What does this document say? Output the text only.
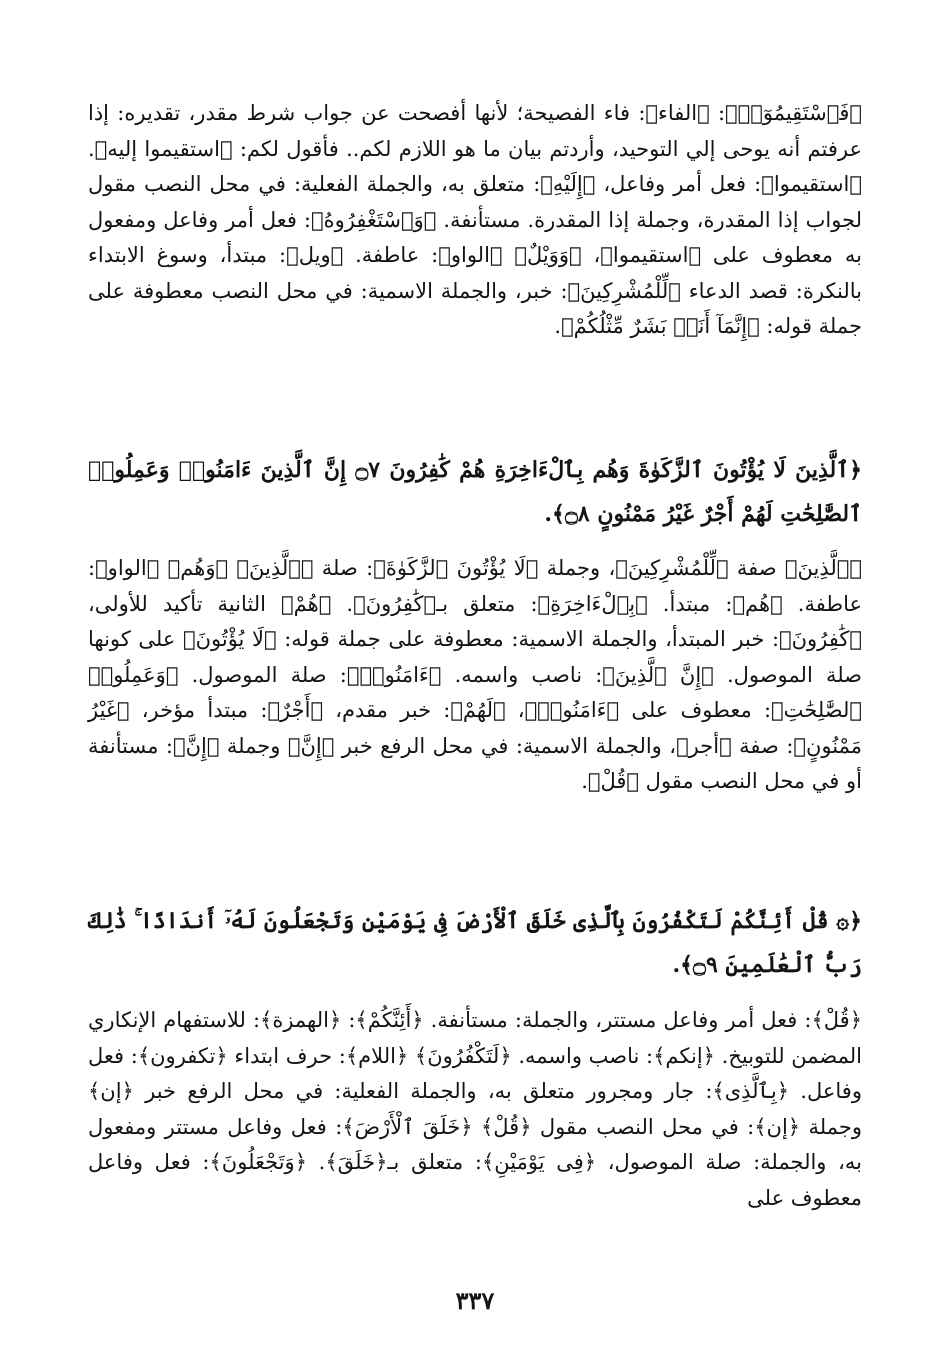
﴿فَٱسْتَقِيمُوٓا۟﴾: ﴿الفاء﴾: فاء الفصيحة؛ لأنها أفصحت عن جواب شرط مقدر، تقديره: إذا عرفتم أنه يوحى إلي التوحيد، وأردتم بيان ما هو اللازم لكم.. فأقول لكم: ﴿استقيموا إليه﴾. ﴿استقيموا﴾: فعل أمر وفاعل، ﴿إِلَيْهِ﴾: متعلق به، والجملة الفعلية: في محل النصب مقول لجواب إذا المقدرة، وجملة إذا المقدرة. مستأنفة. ﴿وَٱسْتَغْفِرُوهُ﴾: فعل أمر وفاعل ومفعول به معطوف على ﴿استقيموا﴾، ﴿وَوَيْلٌ﴾ ﴿الواو﴾: عاطفة. ﴿ويل﴾: مبتدأ، وسوغ الابتداء بالنكرة: قصد الدعاء ﴿لِّلْمُشْرِكِينَ﴾: خبر، والجملة الاسمية: في محل النصب معطوفة على جملة قوله: ﴿إِنَّمَآ أَنَا۠ بَشَرٌ مِّثْلُكُمْ﴾.

﴿ٱلَّذِينَ لَا يُؤْتُونَ ٱلزَّكَوٰةَ وَهُم بِٱلْءَاخِرَةِ هُمْ كَٰفِرُونَ ۝٧ إِنَّ ٱلَّذِينَ ءَامَنُوا۟ وَعَمِلُوا۟ ٱلصَّٰلِحَٰتِ لَهُمْ أَجْرٌ غَيْرُ مَمْنُونٍ ۝٨﴾.

﴿ٱلَّذِينَ﴾ صفة ﴿لِّلْمُشْرِكِينَ﴾، وجملة ﴿لَا يُؤْتُونَ ٱلزَّكَوٰةَ﴾: صلة ﴿ٱلَّذِينَ﴾ ﴿وَهُم﴾ ﴿الواو﴾: عاطفة. ﴿هُم﴾: مبتدأ. ﴿بِٱلْءَاخِرَةِ﴾: متعلق بـ﴿كَٰفِرُونَ﴾. ﴿هُمْ﴾ الثانية تأكيد للأولى، ﴿كَٰفِرُونَ﴾: خبر المبتدأ، والجملة الاسمية: معطوفة على جملة قوله: ﴿لَا يُؤْتُونَ﴾ على كونها صلة الموصول. ﴿إِنَّ ٱلَّذِينَ﴾: ناصب واسمه. ﴿ءَامَنُوا۟﴾: صلة الموصول. ﴿وَعَمِلُوا۟ ٱلصَّٰلِحَٰتِ﴾: معطوف على ﴿ءَامَنُوا۟﴾، ﴿لَهُمْ﴾: خبر مقدم، ﴿أَجْرٌ﴾: مبتدأ مؤخر، ﴿غَيْرُ مَمْنُونٍ﴾: صفة ﴿أجر﴾، والجملة الاسمية: في محل الرفع خبر ﴿إِنَّ﴾ وجملة ﴿إِنَّ﴾: مستأنفة أو في محل النصب مقول ﴿قُلْ﴾.

﴿۞ قُلْ أَئِنَّكُمْ لَتَكْفُرُونَ بِٱلَّذِى خَلَقَ ٱلْأَرْضَ فِى يَوْمَيْنِ وَتَجْعَلُونَ لَهُۥٓ أَندَادًا ۚ ذَٰلِكَ رَبُّ ٱلْعَٰلَمِينَ ۝٩﴾.

﴿قُلْ﴾: فعل أمر وفاعل مستتر، والجملة: مستأنفة. ﴿أَئِنَّكُمْ﴾: ﴿الهمزة﴾: للاستفهام الإنكاري المضمن للتوبيخ. ﴿إنكم﴾: ناصب واسمه. ﴿لَتَكْفُرُونَ﴾ ﴿اللام﴾: حرف ابتداء ﴿تكفرون﴾: فعل وفاعل. ﴿بِٱلَّذِى﴾: جار ومجرور متعلق به، والجملة الفعلية: في محل الرفع خبر ﴿إن﴾ وجملة ﴿إن﴾: في محل النصب مقول ﴿قُلْ﴾ ﴿خَلَقَ ٱلْأَرْضَ﴾: فعل وفاعل مستتر ومفعول به، والجملة: صلة الموصول، ﴿فِى يَوْمَيْنِ﴾: متعلق بـ﴿خَلَقَ﴾. ﴿وَتَجْعَلُونَ﴾: فعل وفاعل معطوف على

٣٣٧
